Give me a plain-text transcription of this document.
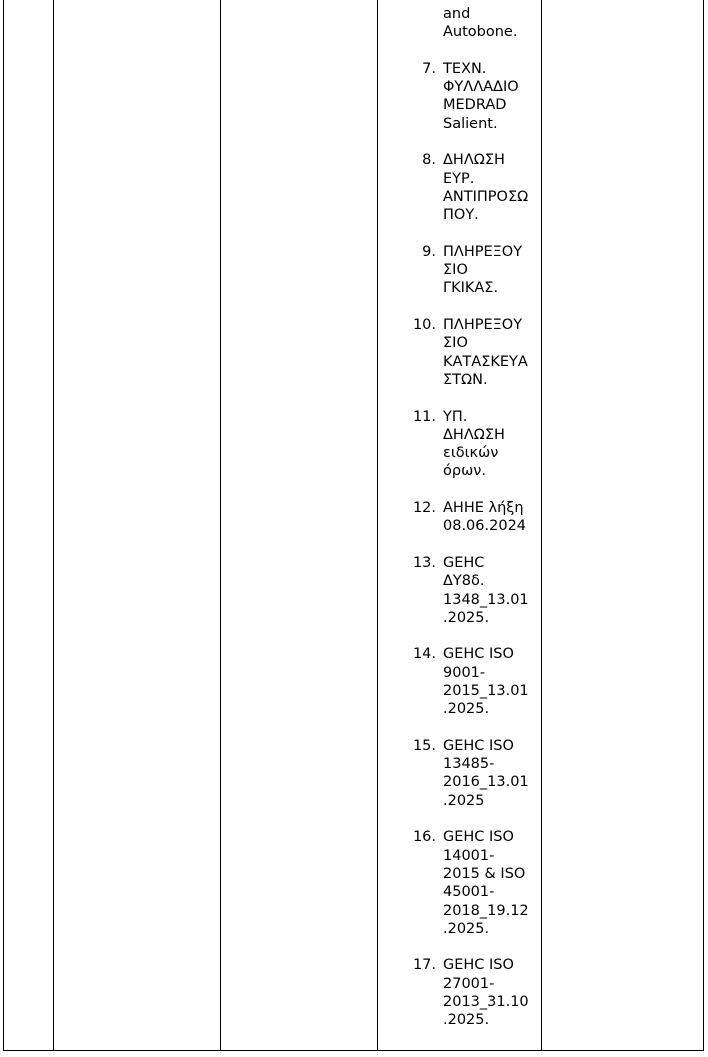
and
Autobone.
7. ΤΕΧΝ.
ΦΥΛΛΑΔΙΟ
MEDRAD
Salient.
8. ΔΗΛΩΣΗ
ΕΥΡ.
ΑΝΤΙΠΡΟΣΩ
ΠΟΥ.
9. ΠΛΗΡΕΞΟΥ
ΣΙΟ
ΓΚΙΚΑΣ.
10. ΠΛΗΡΕΞΟΥ
ΣΙΟ
ΚΑΤΑΣΚΕΥΑ
ΣΤΩΝ.
11. ΥΠ.
ΔΗΛΩΣΗ
ειδικών
όρων.
12. ΑΗΗΕ λήξη
08.06.2024
13. GEHC
ΔΥ8δ.
1348_13.01
.2025.
14. GEHC ISO
9001-
2015_13.01
.2025.
15. GEHC ISO
13485-
2016_13.01
.2025
16. GEHC ISO
14001-
2015 & ISO
45001-
2018_19.12
.2025.
17. GEHC ISO
27001-
2013_31.10
.2025.
